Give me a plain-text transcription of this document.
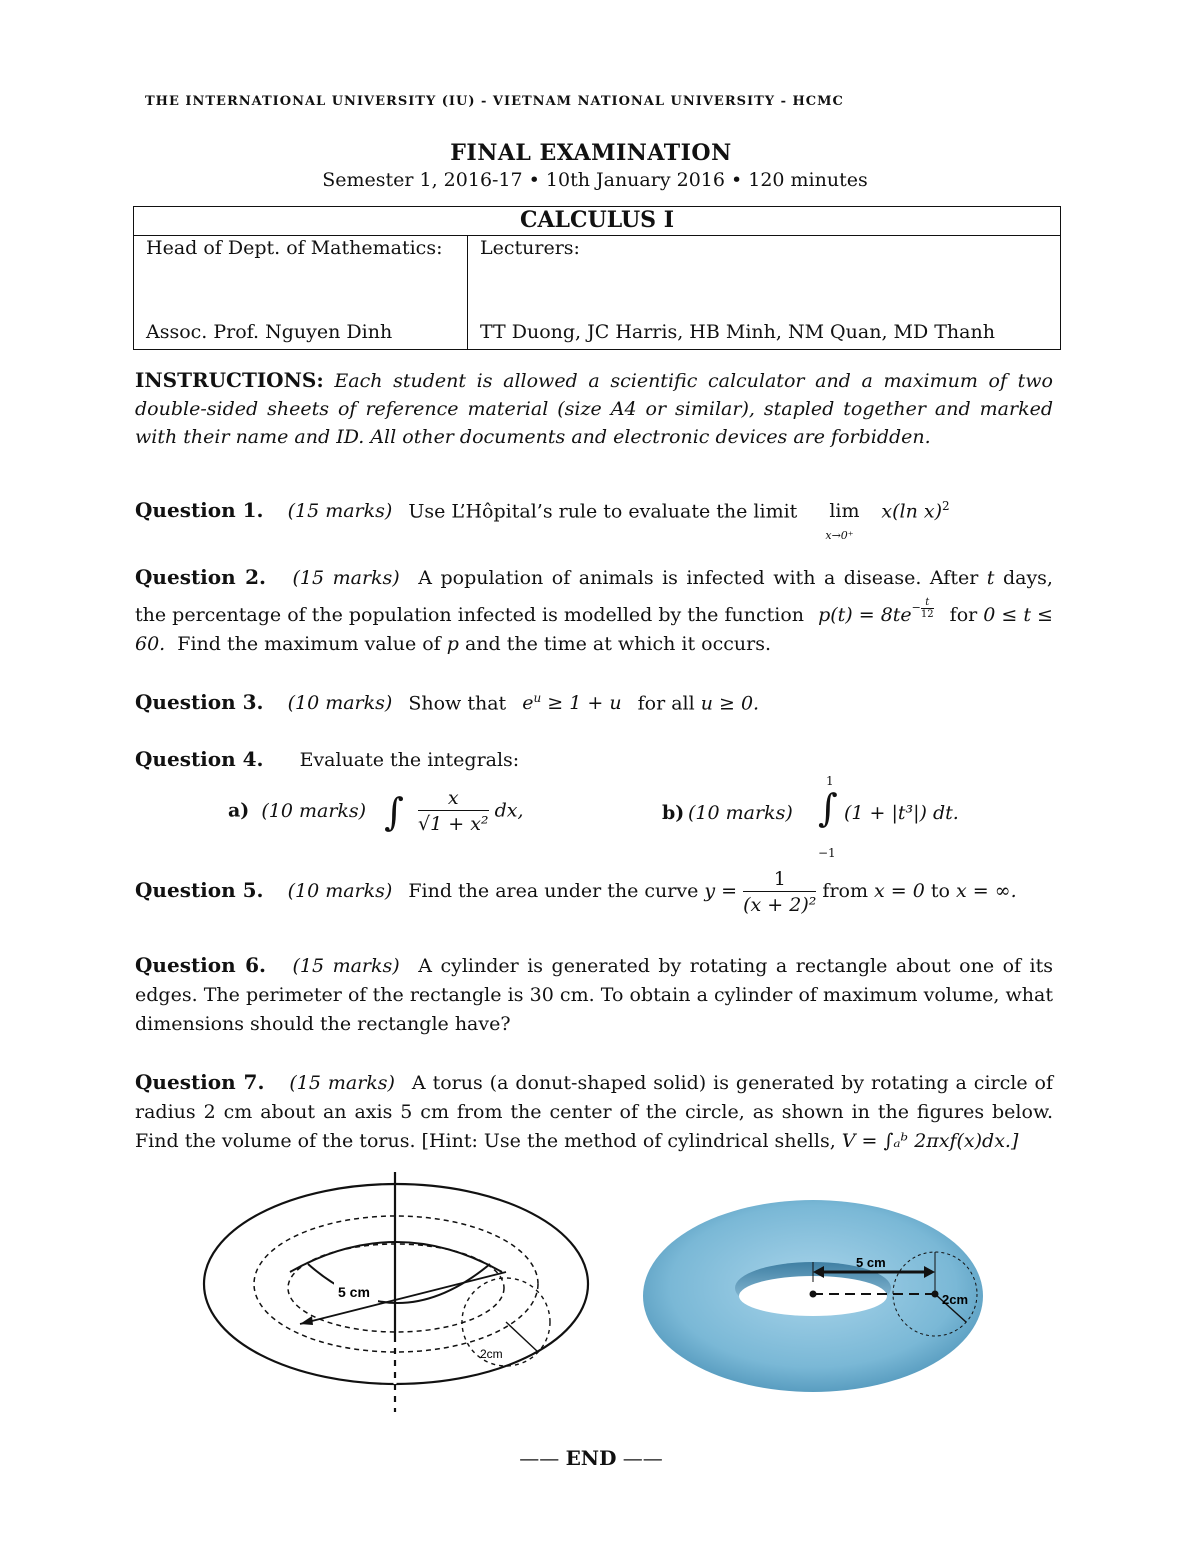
THE INTERNATIONAL UNIVERSITY (IU) - VIETNAM NATIONAL UNIVERSITY - HCMC
FINAL EXAMINATION
Semester 1, 2016-17 • 10th January 2016 • 120 minutes
CALCULUS I
Head of Dept. of Mathematics:
Assoc. Prof. Nguyen Dinh
Lecturers:
TT Duong, JC Harris, HB Minh, NM Quan, MD Thanh
INSTRUCTIONS: Each student is allowed a scientific calculator and a maximum of two double-sided sheets of reference material (size A4 or similar), stapled together and marked with their name and ID. All other documents and electronic devices are forbidden.
Question 1. (15 marks) Use L’Hôpital’s rule to evaluate the limit lim
x→0⁺
x(ln x)$^2$
Question 2. (15 marks) A population of animals is infected with a disease. After t days, the percentage of the population infected is modelled by the function $p(t) = 8te- \frac{t}{12}$ for 0 ≤ t ≤ 60. Find the maximum value of p and the time at which it occurs.
Question 3. (10 marks) Show that $e^u \ge 1 + u$ for all u ≥ 0.
Question 4. Evaluate the integrals:
a) (10 marks) ∫ $\frac{x}{\text{√1 + x²}}$ dx,	b) (10 marks)
1
∫
−1
(1 + |t³|) dt.
Question 5. (10 marks) Find the area under the curve $y = \frac{1}{\text{(x + 2)²}}$ from x = 0 to x = ∞.
Question 6. (15 marks) A cylinder is generated by rotating a rectangle about one of its edges. The perimeter of the rectangle is 30 cm. To obtain a cylinder of maximum volume, what dimensions should the rectangle have?
Question 7. (15 marks) A torus (a donut-shaped solid) is generated by rotating a circle of radius 2 cm about an axis 5 cm from the center of the circle, as shown in the figures below. Find the volume of the torus. [Hint: Use the method of cylindrical shells, V = ∫ₐᵇ 2πxf(x)dx.]
5 cm
2cm
5 cm
2cm
—— END ——
